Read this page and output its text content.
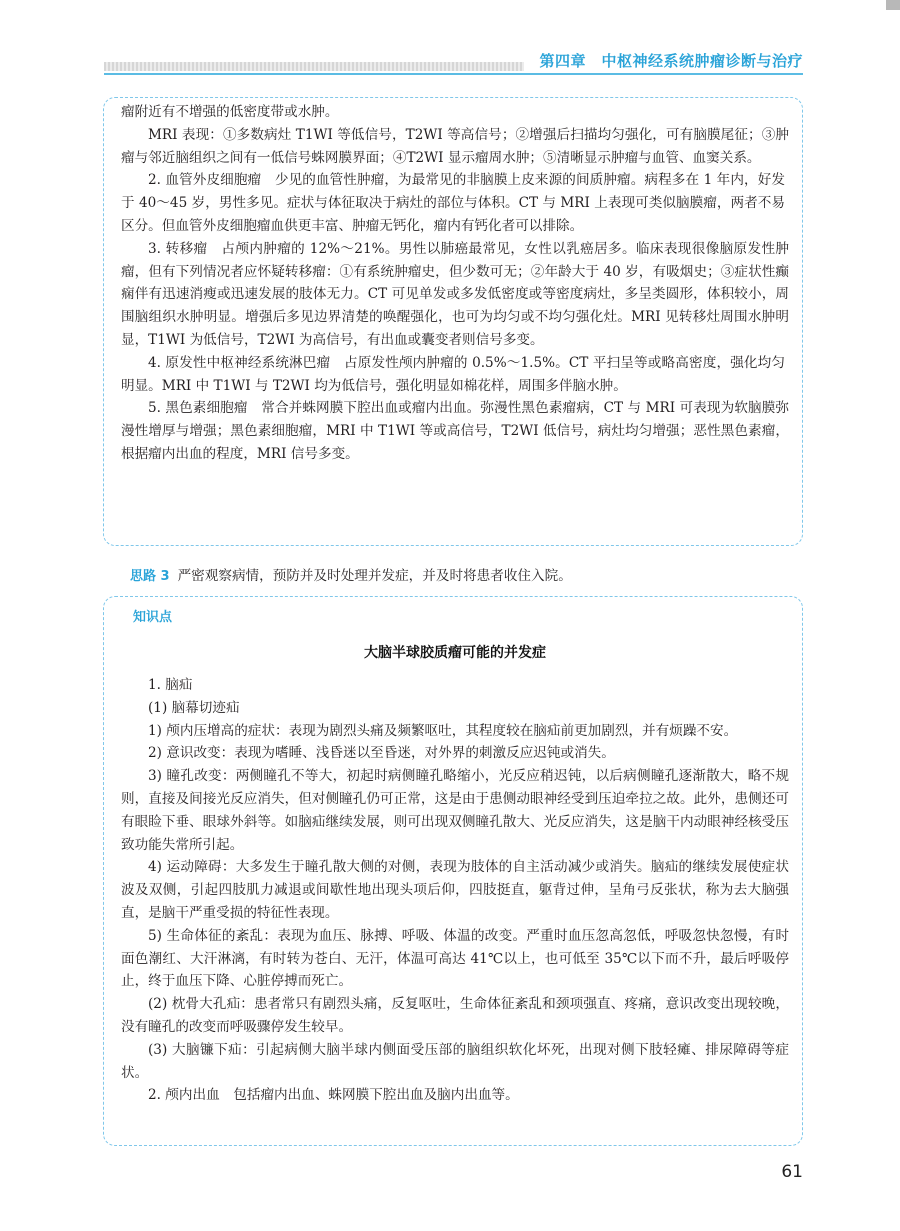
第四章　中枢神经系统肿瘤诊断与治疗

瘤附近有不增强的低密度带或水肿。

MRI 表现：①多数病灶 T1WI 等低信号，T2WI 等高信号；②增强后扫描均匀强化，可有脑膜尾征；③肿瘤与邻近脑组织之间有一低信号蛛网膜界面；④T2WI 显示瘤周水肿；⑤清晰显示肿瘤与血管、血窦关系。

2. 血管外皮细胞瘤　少见的血管性肿瘤，为最常见的非脑膜上皮来源的间质肿瘤。病程多在 1 年内，好发于 40～45 岁，男性多见。症状与体征取决于病灶的部位与体积。CT 与 MRI 上表现可类似脑膜瘤，两者不易区分。但血管外皮细胞瘤血供更丰富、肿瘤无钙化，瘤内有钙化者可以排除。

3. 转移瘤　占颅内肿瘤的 12%～21%。男性以肺癌最常见，女性以乳癌居多。临床表现很像脑原发性肿瘤，但有下列情况者应怀疑转移瘤：①有系统肿瘤史，但少数可无；②年龄大于 40 岁，有吸烟史；③症状性癫痫伴有迅速消瘦或迅速发展的肢体无力。CT 可见单发或多发低密度或等密度病灶，多呈类圆形，体积较小，周围脑组织水肿明显。增强后多见边界清楚的唤醒强化，也可为均匀或不均匀强化灶。MRI 见转移灶周围水肿明显，T1WI 为低信号，T2WI 为高信号，有出血或囊变者则信号多变。

4. 原发性中枢神经系统淋巴瘤　占原发性颅内肿瘤的 0.5%～1.5%。CT 平扫呈等或略高密度，强化均匀明显。MRI 中 T1WI 与 T2WI 均为低信号，强化明显如棉花样，周围多伴脑水肿。

5. 黑色素细胞瘤　常合并蛛网膜下腔出血或瘤内出血。弥漫性黑色素瘤病，CT 与 MRI 可表现为软脑膜弥漫性增厚与增强；黑色素细胞瘤，MRI 中 T1WI 等或高信号，T2WI 低信号，病灶均匀增强；恶性黑色素瘤，根据瘤内出血的程度，MRI 信号多变。

思路 3 严密观察病情，预防并及时处理并发症，并及时将患者收住入院。
知识点
大脑半球胶质瘤可能的并发症

1. 脑疝

(1) 脑幕切迹疝

1) 颅内压增高的症状：表现为剧烈头痛及频繁呕吐，其程度较在脑疝前更加剧烈，并有烦躁不安。

2) 意识改变：表现为嗜睡、浅昏迷以至昏迷，对外界的刺激反应迟钝或消失。

3) 瞳孔改变：两侧瞳孔不等大，初起时病侧瞳孔略缩小，光反应稍迟钝，以后病侧瞳孔逐渐散大，略不规则，直接及间接光反应消失，但对侧瞳孔仍可正常，这是由于患侧动眼神经受到压迫牵拉之故。此外，患侧还可有眼睑下垂、眼球外斜等。如脑疝继续发展，则可出现双侧瞳孔散大、光反应消失，这是脑干内动眼神经核受压致功能失常所引起。

4) 运动障碍：大多发生于瞳孔散大侧的对侧，表现为肢体的自主活动减少或消失。脑疝的继续发展使症状波及双侧，引起四肢肌力减退或间歇性地出现头项后仰，四肢挺直，躯背过伸，呈角弓反张状，称为去大脑强直，是脑干严重受损的特征性表现。

5) 生命体征的紊乱：表现为血压、脉搏、呼吸、体温的改变。严重时血压忽高忽低，呼吸忽快忽慢，有时面色潮红、大汗淋漓，有时转为苍白、无汗，体温可高达 41℃以上，也可低至 35℃以下而不升，最后呼吸停止，终于血压下降、心脏停搏而死亡。

(2) 枕骨大孔疝：患者常只有剧烈头痛，反复呕吐，生命体征紊乱和颈项强直、疼痛，意识改变出现较晚，没有瞳孔的改变而呼吸骤停发生较早。

(3) 大脑镰下疝：引起病侧大脑半球内侧面受压部的脑组织软化坏死，出现对侧下肢轻瘫、排尿障碍等症状。

2. 颅内出血　包括瘤内出血、蛛网膜下腔出血及脑内出血等。

61
